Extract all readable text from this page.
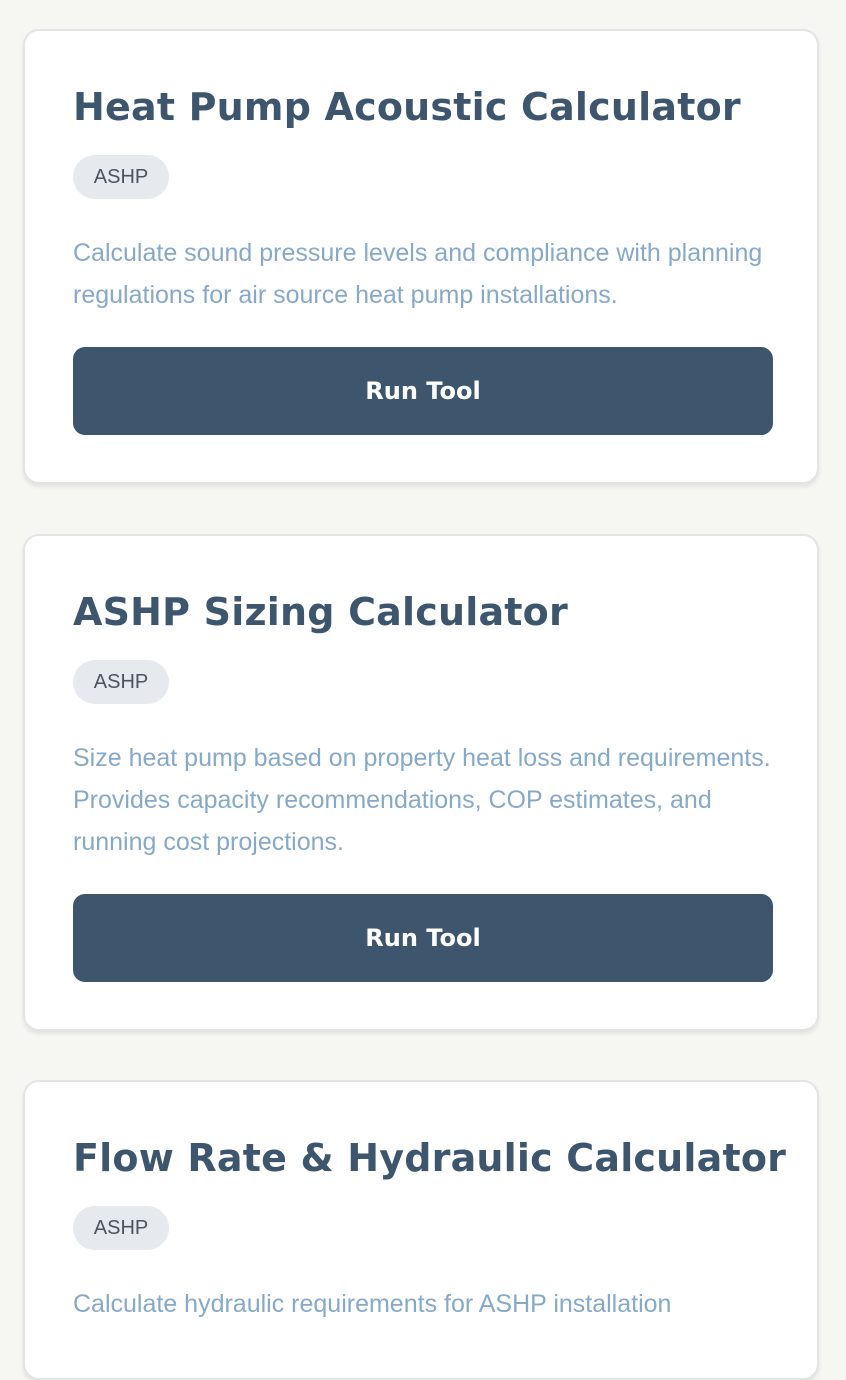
Heat Pump Acoustic Calculator
ASHP

Calculate sound pressure levels and compliance with planning regulations for air source heat pump installations.

Run Tool
ASHP Sizing Calculator
ASHP

Size heat pump based on property heat loss and requirements. Provides capacity recommendations, COP estimates, and running cost projections.

Run Tool
Flow Rate & Hydraulic Calculator
ASHP

Calculate hydraulic requirements for ASHP installation
